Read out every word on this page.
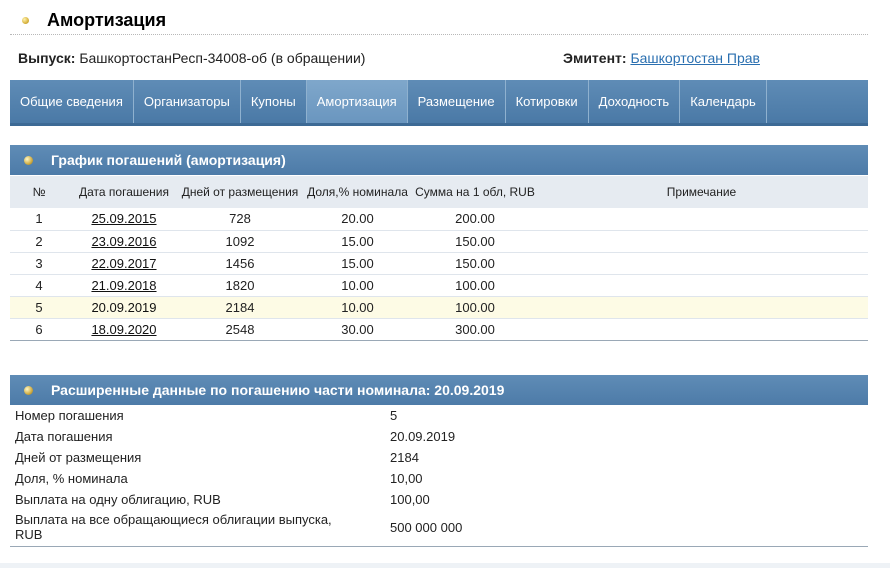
Амортизация
Выпуск: БашкортостанРесп-34008-об (в обращении)	Эмитент: Башкортостан Прав
Общие сведения	Организаторы	Купоны	Амортизация	Размещение	Котировки	Доходность	Календарь
График погашений (амортизация)
№	Дата погашения	Дней от размещения	Доля,% номинала	Сумма на 1 обл, RUB	Примечание
1	25.09.2015	728	20.00	200.00	
2	23.09.2016	1092	15.00	150.00	
3	22.09.2017	1456	15.00	150.00	
4	21.09.2018	1820	10.00	100.00	
5	20.09.2019	2184	10.00	100.00	
6	18.09.2020	2548	30.00	300.00	
Расширенные данные по погашению части номинала: 20.09.2019
Номер погашения	5
Дата погашения	20.09.2019
Дней от размещения	2184
Доля, % номинала	10,00
Выплата на одну облигацию, RUB	100,00
Выплата на все обращающиеся облигации выпуска, RUB	500 000 000
